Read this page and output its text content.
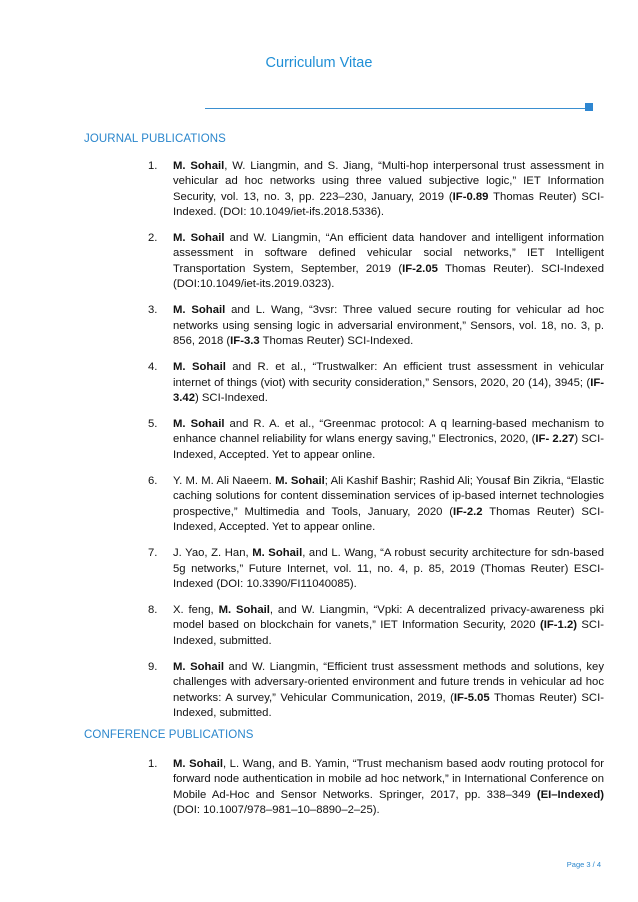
Curriculum Vitae
JOURNAL PUBLICATIONS
1. M. Sohail, W. Liangmin, and S. Jiang, “Multi-hop interpersonal trust assessment in vehicular ad hoc networks using three valued subjective logic,” IET Information Security, vol. 13, no. 3, pp. 223–230, January, 2019 (IF-0.89 Thomas Reuter) SCI-Indexed. (DOI: 10.1049/iet-ifs.2018.5336).
2. M. Sohail and W. Liangmin, “An efficient data handover and intelligent information assessment in software defined vehicular social networks,” IET Intelligent Transportation System, September, 2019 (IF-2.05 Thomas Reuter). SCI-Indexed (DOI:10.1049/iet-its.2019.0323).
3. M. Sohail and L. Wang, “3vsr: Three valued secure routing for vehicular ad hoc networks using sensing logic in adversarial environment,” Sensors, vol. 18, no. 3, p. 856, 2018 (IF-3.3 Thomas Reuter) SCI-Indexed.
4. M. Sohail and R. et al., “Trustwalker: An efficient trust assessment in vehicular internet of things (viot) with security consideration,” Sensors, 2020, 20 (14), 3945; (IF-3.42) SCI-Indexed.
5. M. Sohail and R. A. et al., “Greenmac protocol: A q learning-based mechanism to enhance channel reliability for wlans energy saving,” Electronics, 2020, (IF- 2.27) SCI-Indexed, Accepted. Yet to appear online.
6. Y. M. M. Ali Naeem. M. Sohail; Ali Kashif Bashir; Rashid Ali; Yousaf Bin Zikria, “Elastic caching solutions for content dissemination services of ip-based internet technologies prospective,” Multimedia and Tools, January, 2020 (IF-2.2 Thomas Reuter) SCI-Indexed, Accepted. Yet to appear online.
7. J. Yao, Z. Han, M. Sohail, and L. Wang, “A robust security architecture for sdn-based 5g networks,” Future Internet, vol. 11, no. 4, p. 85, 2019 (Thomas Reuter) ESCI-Indexed (DOI: 10.3390/FI11040085).
8. X. feng, M. Sohail, and W. Liangmin, “Vpki: A decentralized privacy-awareness pki model based on blockchain for vanets,” IET Information Security, 2020 (IF-1.2) SCI-Indexed, submitted.
9. M. Sohail and W. Liangmin, “Efficient trust assessment methods and solutions, key challenges with adversary-oriented environment and future trends in vehicular ad hoc networks: A survey,” Vehicular Communication, 2019, (IF-5.05 Thomas Reuter) SCI-Indexed, submitted.
CONFERENCE PUBLICATIONS
1. M. Sohail, L. Wang, and B. Yamin, “Trust mechanism based aodv routing protocol for forward node authentication in mobile ad hoc network,” in International Conference on Mobile Ad-Hoc and Sensor Networks. Springer, 2017, pp. 338–349 (EI–Indexed) (DOI: 10.1007/978–981–10–8890–2–25).
Page 3 / 4
